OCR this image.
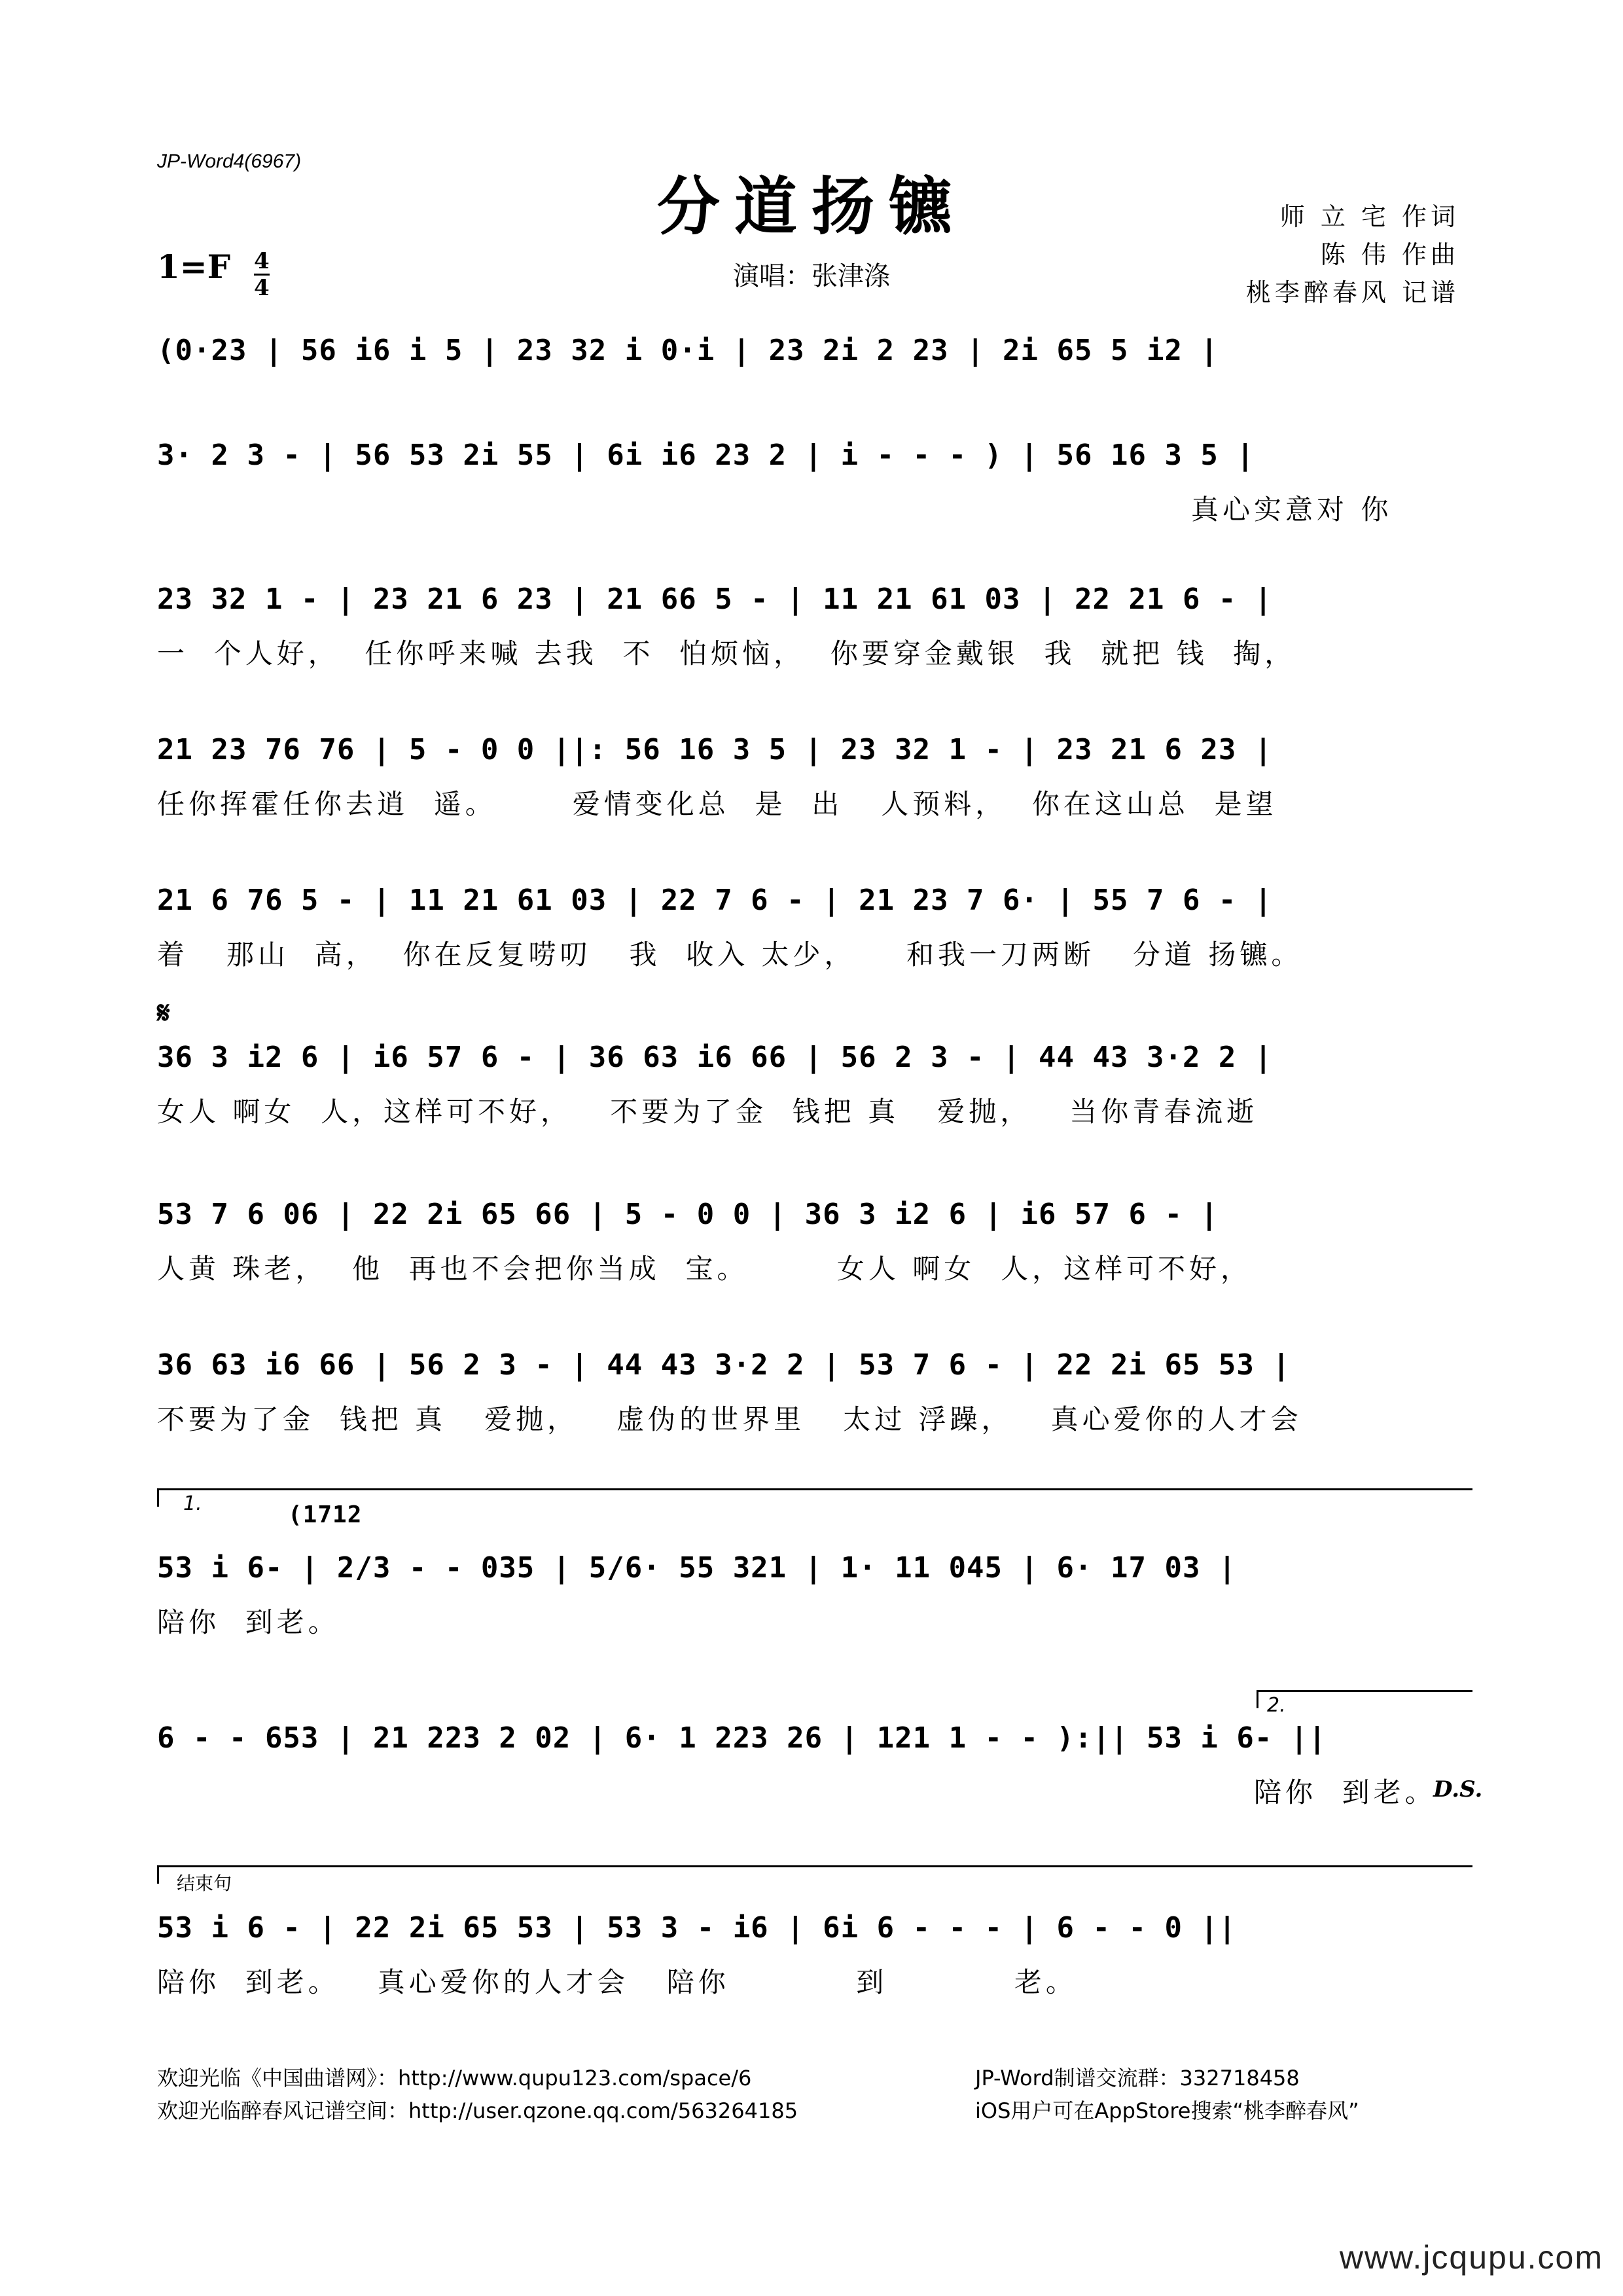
JP-Word4(6967)
分道扬镳
1=F 4
4	演唱：张津涤
师 立 宅 作词
陈 伟 作曲
桃李醉春风 记谱
(0·23 | 56 i6 i 5 | 23 32 i 0·i | 23 2i 2 23 | 2i 65 5 i2 |
3· 2 3 - | 56 53 2i 55 | 6i i6 23 2 | i - - - ) | 56 16 3 5 |
真心实意对 你
23 32 1 - | 23 21 6 23 | 21 66 5 - | 11 21 61 03 | 22 21 6 - |
一  个人好，  任你呼来喊 去我  不  怕烦恼，  你要穿金戴银  我  就把 钱  掏，
21 23 76 76 | 5 - 0 0 ||: 56 16 3 5 | 23 32 1 - | 23 21 6 23 |
任你挥霍任你去逍  遥。      爱情变化总  是  出   人预料，  你在这山总  是望
21 6 76 5 - | 11 21 61 03 | 22 7 6 - | 21 23 7 6· | 55 7 6 - |
着   那山  高，  你在反复唠叨   我  收入 太少，    和我一刀两断   分道 扬镳。
𝄋
36 3 i2 6 | i6 57 6 - | 36 63 i6 66 | 56 2 3 - | 44 43 3·2 2 |
女人 啊女  人，这样可不好，   不要为了金  钱把 真   爱抛，   当你青春流逝
53 7 6 06 | 22 2i 65 66 | 5 - 0 0 | 36 3 i2 6 | i6 57 6 - |
人黄 珠老，  他  再也不会把你当成  宝。       女人 啊女  人，这样可不好，
36 63 i6 66 | 56 2 3 - | 44 43 3·2 2 | 53 7 6 - | 22 2i 65 53 |
不要为了金  钱把 真   爱抛，   虚伪的世界里   太过 浮躁，   真心爱你的人才会
1.	(1712
53 i 6- | 2/3 - - 035 | 5/6· 55 321 | 1· 11 045 | 6· 17 03 |
陪你  到老。
2.
6 - - 653 | 21 223 2 02 | 6· 1 223 26 | 121 1 - - ):|| 53 i 6- ||
陪你  到老。
D.S.
结束句
53 i 6 - | 22 2i 65 53 | 53 3 - i6 | 6i 6 - - - | 6 - - 0 ||
陪你  到老。   真心爱你的人才会   陪你          到          老。
欢迎光临《中国曲谱网》：http://www.qupu123.com/space/6
欢迎光临醉春风记谱空间：http://user.qzone.qq.com/563264185
JP-Word制谱交流群：332718458
iOS用户可在AppStore搜索“桃李醉春风”
www.jcqupu.com
